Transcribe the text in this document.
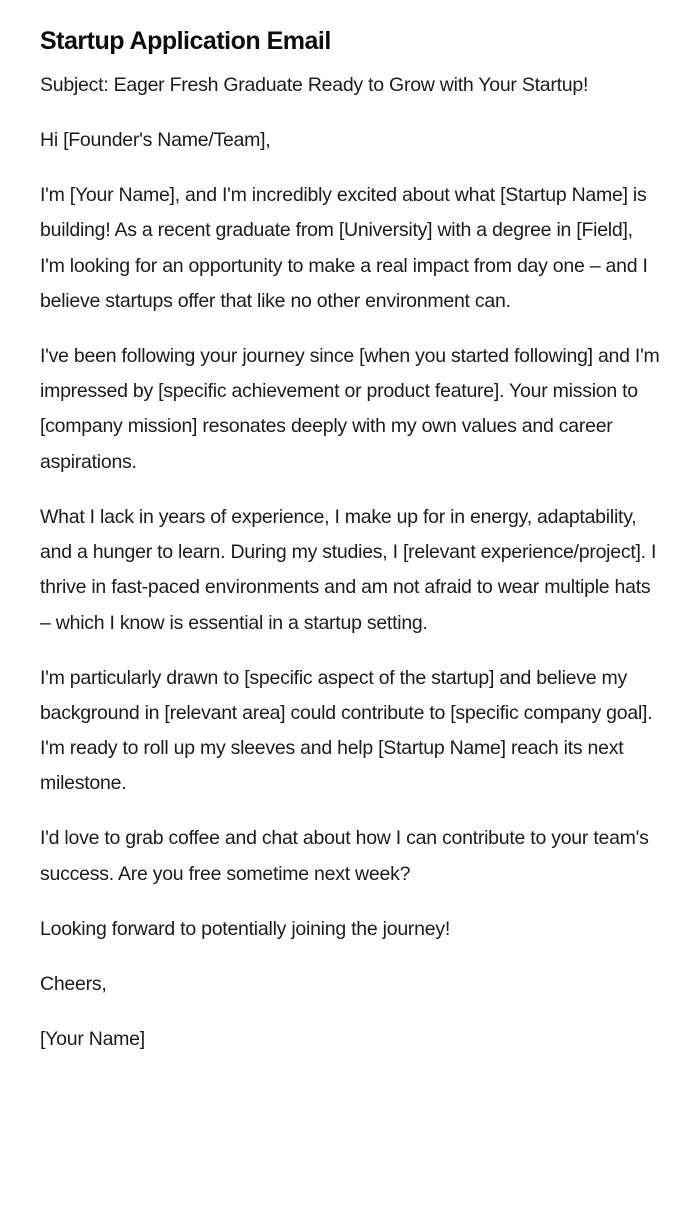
Startup Application Email

Subject: Eager Fresh Graduate Ready to Grow with Your Startup!

Hi [Founder's Name/Team],

I'm [Your Name], and I'm incredibly excited about what [Startup Name] is building! As a recent graduate from [University] with a degree in [Field], I'm looking for an opportunity to make a real impact from day one – and I believe startups offer that like no other environment can.

I've been following your journey since [when you started following] and I'm impressed by [specific achievement or product feature]. Your mission to [company mission] resonates deeply with my own values and career aspirations.

What I lack in years of experience, I make up for in energy, adaptability, and a hunger to learn. During my studies, I [relevant experience/project]. I thrive in fast-paced environments and am not afraid to wear multiple hats – which I know is essential in a startup setting.

I'm particularly drawn to [specific aspect of the startup] and believe my background in [relevant area] could contribute to [specific company goal]. I'm ready to roll up my sleeves and help [Startup Name] reach its next milestone.

I'd love to grab coffee and chat about how I can contribute to your team's success. Are you free sometime next week?

Looking forward to potentially joining the journey!

Cheers,

[Your Name]
